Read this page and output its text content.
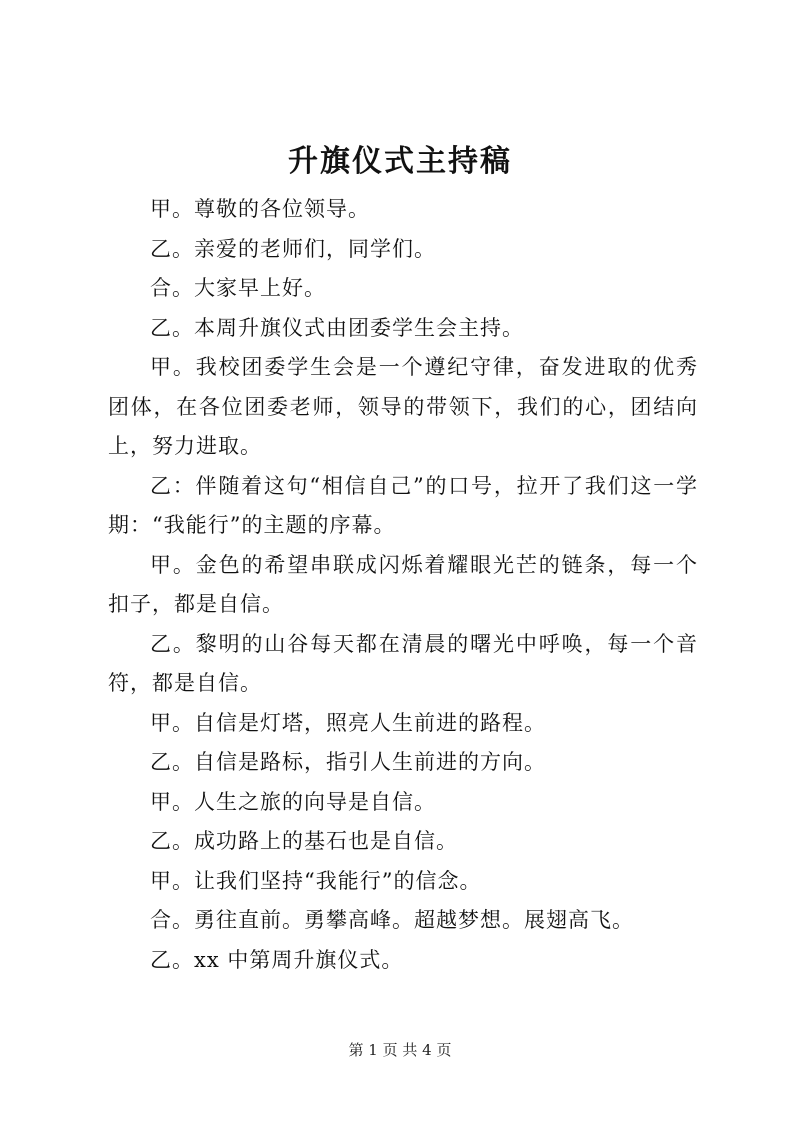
升旗仪式主持稿

甲。尊敬的各位领导。

乙。亲爱的老师们，同学们。

合。大家早上好。

乙。本周升旗仪式由团委学生会主持。

甲。我校团委学生会是一个遵纪守律，奋发进取的优秀团体，在各位团委老师，领导的带领下，我们的心，团结向上，努力进取。

乙：伴随着这句“相信自己”的口号，拉开了我们这一学期：“我能行”的主题的序幕。

甲。金色的希望串联成闪烁着耀眼光芒的链条，每一个扣子，都是自信。

乙。黎明的山谷每天都在清晨的曙光中呼唤，每一个音符，都是自信。

甲。自信是灯塔，照亮人生前进的路程。

乙。自信是路标，指引人生前进的方向。

甲。人生之旅的向导是自信。

乙。成功路上的基石也是自信。

甲。让我们坚持“我能行”的信念。

合。勇往直前。勇攀高峰。超越梦想。展翅高飞。

乙。xx 中第周升旗仪式。

第 1 页 共 4 页
